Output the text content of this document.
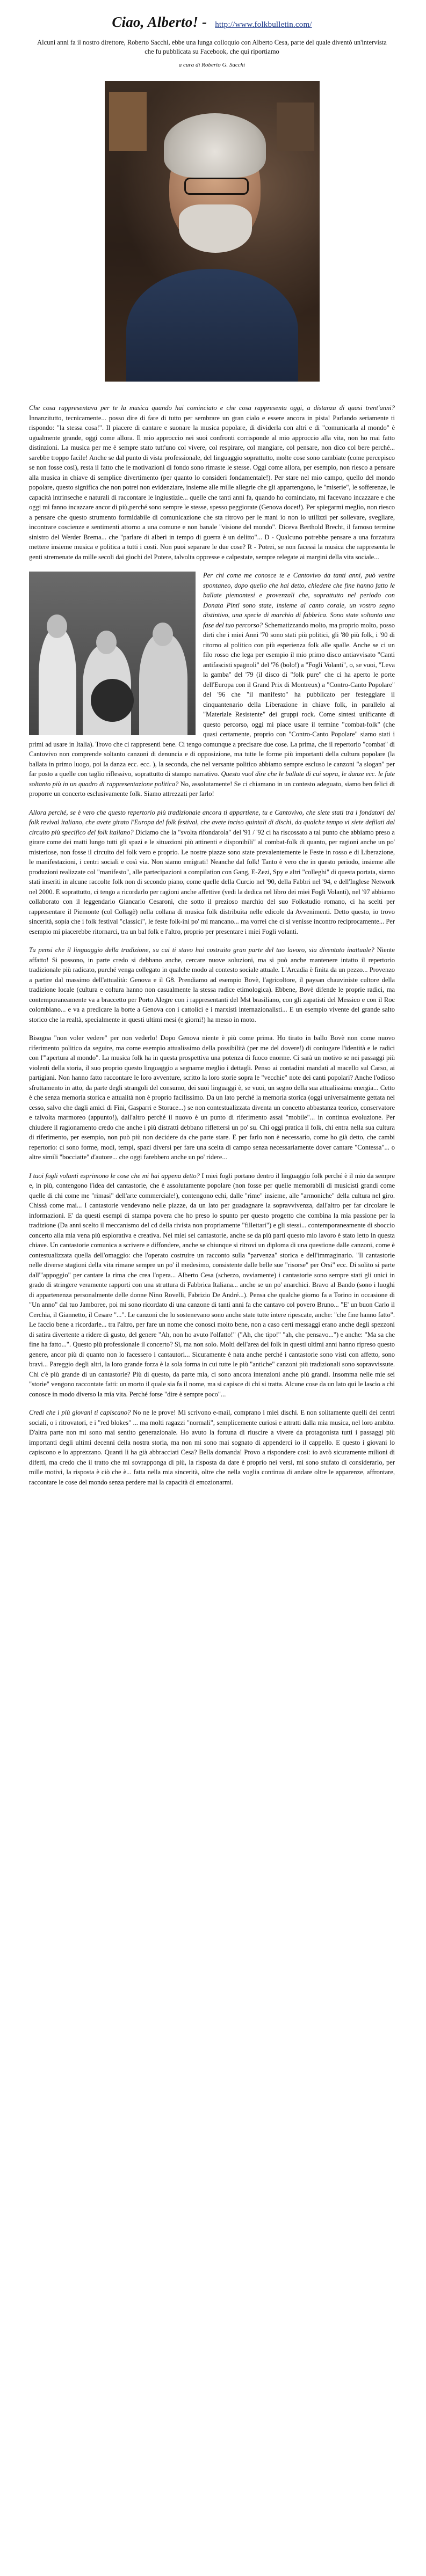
Ciao, Alberto! - http://www.folkbulletin.com/
Alcuni anni fa il nostro direttore, Roberto Sacchi, ebbe una lunga colloquio con Alberto Cesa, parte del quale diventò un'intervista che fu pubblicata su Facebook, che qui riportiamo
a cura di Roberto G. Sacchi

Che cosa rappresentava per te la musica quando hai cominciato e che cosa rappresenta oggi, a distanza di quasi trent'anni? Innanzitutto, tecnicamente... posso dire di fare di tutto per sembrare un gran cialo e essere ancora in pista! Parlando seriamente ti rispondo: "la stessa cosa!". Il piacere di cantare e suonare la musica popolare, di dividerla con altri e di "comunicarla al mondo" è ugualmente grande, oggi come allora. Il mio approccio nei suoi confronti corrisponde al mio approccio alla vita, non ho mai fatto distinzioni. La musica per me è sempre stato tutt'uno col vivere, col respirare, col mangiare, col pensare, non dico col bere perché... sarebbe troppo facile! Anche se dal punto di vista professionale, del linguaggio soprattutto, molte cose sono cambiate (come percepisco se non fosse così), resta il fatto che le motivazioni di fondo sono rimaste le stesse. Oggi come allora, per esempio, non riesco a pensare alla musica in chiave di semplice divertimento (per quanto lo consideri fondamentale!). Per stare nel mio campo, quello del mondo popolare, questo significa che non potrei non evidenziare, insieme alle mille allegrie che gli appartengono, le "miserie", le sofferenze, le capacità intrinseche e naturali di raccontare le ingiustizie... quelle che tanti anni fa, quando ho cominciato, mi facevano incazzare e che oggi mi fanno incazzare ancor di più,perché sono sempre le stesse, spesso peggiorate (Genova docet!). Per spiegarmi meglio, non riesco a pensare che questo strumento formidabile di comunicazione che sta ritrovo per le mani io non lo utilizzi per sollevare, svegliare, incontrare coscienze e sentimenti attorno a una comune e non banale "visione del mondo". Diceva Berthold Brecht, il famoso termine sinistro del Werder Brema... che "parlare di alberi in tempo di guerra è un delitto"... D - Qualcuno potrebbe pensare a una forzatura mettere insieme musica e politica a tutti i costi. Non puoi separare le due cose? R - Potrei, se non facessi la musica che rappresenta le genti stremenate da mille secoli dai giochi del Potere, talvolta oppresse e calpestate, sempre relegate ai margini della vita sociale...

Per chi come me conosce te e Cantovivo da tanti anni, può venire spontaneo, dopo quello che hai detto, chiedere che fine hanno fatto le ballate piemontesi e provenzali che, soprattutto nel periodo con Donata Pinti sono state, insieme al canto corale, un vostro segno distintivo, una specie di marchio di fabbrica. Sono state soltanto una fase del tuo percorso? Schematizzando molto, ma proprio molto, posso dirti che i miei Anni '70 sono stati più politici, gli '80 più folk, i '90 di ritorno al politico con più esperienza folk alle spalle. Anche se ci un filo rosso che lega per esempio il mio primo disco antiavvisato "Canti antifascisti spagnoli" del '76 (bolo!) a "Fogli Volanti", o, se vuoi, "Leva la gamba" del '79 (il disco di "folk pure" che ci ha aperto le porte dell'Europa con il Grand Prix di Montreux) a "Contro-Canto Popolare" del '96 che "il manifesto" ha pubblicato per festeggiare il cinquantenario della Liberazione in chiave folk, in parallelo al "Materiale Resistente" dei gruppi rock. Come sintesi unificante di questo percorso, oggi mi piace usare il termine "combat-folk" (che quasi certamente, proprio con "Contro-Canto Popolare" siamo stati i primi ad usare in Italia). Trovo che ci rappresenti bene. Ci tengo comunque a precisare due cose. La prima, che il repertorio "combat" di Cantovivo non comprende soltanto canzoni di denuncia e di opposizione, ma tutte le forme più importanti della cultura popolare (la ballata in primo luogo, poi la danza ecc. ecc. ), la seconda, che nel versante politico abbiamo sempre escluso le canzoni "a slogan" per far posto a quelle con taglio riflessivo, soprattutto di stampo narrativo. Questo vuol dire che le ballate di cui sopra, le danze ecc. le fate soltanto più in un quadro di rappresentazione politica? No, assolutamente! Se ci chiamano in un contesto adeguato, siamo ben felici di proporre un concerto esclusivamente folk. Siamo attrezzati per farlo!

Allora perché, se è vero che questo repertorio più tradizionale ancora ti appartiene, tu e Cantovivo, che siete stati tra i fondatori del folk revival italiano, che avete girato l'Europa del folk festival, che avete inciso quintali di dischi, da qualche tempo vi siete defilati dal circuito più specifico del folk italiano? Diciamo che la "svolta rifondarola" del '91 / '92 ci ha riscossato a tal punto che abbiamo preso a girare come dei matti lungo tutti gli spazi e le situazioni più attinenti e disponibili" al combat-folk di quanto, per ragioni anche un po' misteriose, non fosse il circuito del folk vero e proprio. Le nostre piazze sono state prevalentemente le Feste in rosso e di Liberazione, le manifestazioni, i centri sociali e così via. Non siamo emigrati! Neanche dal folk! Tanto è vero che in questo periodo, insieme alle produzioni realizzate col "manifesto", alle partecipazioni a compilation con Gang, E-Zezi, Spy e altri "colleghi" di questa portata, siamo stati inseriti in alcune raccolte folk non di secondo piano, come quelle della Curcio nel '90, della Fabbri nel '94, e dell'Inglese Network nel 2000. E soprattutto, ci tengo a ricordarlo per ragioni anche affettive (vedi la dedica nel libro dei miei Fogli Volanti), nel '97 abbiamo collaborato con il leggendario Giancarlo Cesaroni, che sotto il prezioso marchio del suo Folkstudio romano, ci ha scelti per rappresentare il Piemonte (col Collagè) nella collana di musica folk distribuita nelle edicole da Avvenimenti. Detto questo, io trovo sincerità, sopia che i folk festival "classici", le feste folk-ini po' mi mancano... ma vorrei che ci si venisse incontro reciprocamente... Per esempio mi piacerebbe ritornarci, tra un bal folk e l'altro, proprio per presentare i miei Fogli volanti.

Tu pensi che il linguaggio della tradizione, su cui ti stavo hai costruito gran parte del tuo lavoro, sia diventato inattuale? Niente affatto! Si possono, in parte credo si debbano anche, cercare nuove soluzioni, ma si può anche mantenere intatto il repertorio tradizionale più radicato, purché venga collegato in qualche modo al contesto sociale attuale. L'Arcadia è finita da un pezzo... Provenzo a partire dal massimo dell'attualità: Genova e il G8. Prendiamo ad esempio Bovè, l'agricoltore, il paysan chauviniste cultore della tradizione locale (cultura e coltura hanno non casualmente la stessa radice etimologica). Ebbene, Bovè difende le proprie radici, ma contemporaneamente va a braccetto per Porto Alegre con i rappresentanti del Mst brasiliano, con gli zapatisti del Messico e con il Roc colombiano... e va a predicare la borte a Genova con i cattolici e i marxisti internazionalisti... E un esempio vivente del grande salto storico che la realtà, specialmente in questi ultimi mesi (e giorni!) ha messo in moto.

Bisogna "non voler vedere" per non vederlo! Dopo Genova niente è più come prima. Ho tirato in ballo Bovè non come nuovo riferimento politico da seguire, ma come esempio attualissimo della possibilità (per me del dovere!) di coniugare l'identità e le radici con l'"apertura al mondo". La musica folk ha in questa prospettiva una potenza di fuoco enorme. Ci sarà un motivo se nei passaggi più violenti della storia, il suo proprio questo linguaggio a segnarne meglio i dettagli. Penso ai contadini mandati al macello sul Carso, ai partigiani. Non hanno fatto raccontare le loro avventure, scritto la loro storie sopra le "vecchie" note dei canti popolari? Anche l'odioso sfruttamento in atto, da parte degli strangoli del consumo, dei suoi linguaggi è, se vuoi, un segno della sua attualissima energia... Cetto è che senza memoria storica e attualità non è proprio facilissimo. Da un lato perché la memoria storica (oggi universalmente gettata nel cesso, salvo che dagli amici di Fini, Gasparri e Storace...) se non contestualizzata diventa un concetto abbastanza teorico, conservatore e talvolta marmoreo (appunto!), dall'altro perché il nuovo è un punto di riferimento assai "mobile"... in continua evoluzione. Per chiudere il ragionamento credo che anche i più distratti debbano riflettersi un po' su. Chi oggi pratica il folk, chi entra nella sua cultura di riferimento, per esempio, non può più non decidere da che parte stare. E per farlo non è necessario, come ho già detto, che cambi repertorio: ci sono forme, modi, tempi, spazi diversi per fare una scelta di campo senza necessariamente dover cantare "Contessa"... o altre simili "bocciatte" d'autore... che oggi farebbero anche un po' ridere...

I tuoi fogli volanti esprimono le cose che mi hai appena detto? I miei fogli portano dentro il linguaggio folk perché è il mio da sempre e, in più, contengono l'idea del cantastorie, che è assolutamente popolare (non fosse per quelle memorabili di musicisti grandi come quelle di chi come me "rimasi" dell'arte commerciale!), contengono echi, dalle "rime" insieme, alle "armoniche" della cultura nel giro. Chissà come mai... I cantastorie vendevano nelle piazze, da un lato per guadagnare la sopravvivenza, dall'altro per far circolare le informazioni. E' da questi esempi di stampa povera che ho preso lo spunto per questo progetto che combina la mia passione per la tradizione (Da anni scelto il meccanismo del cd della rivista non propriamente "fillettari") e gli stessi... contemporaneamente di sboccio concerto alla mia vena più esplorativa e creativa. Nei miei sei cantastorie, anche se da più parti questo mio lavoro è stato letto in questa chiave. Un cantastorie comunica a scrivere e diffondere, anche se chiunque si ritrovi un diploma di una questione dalle canzoni, come è contestualizzata quella dell'omaggio: che l'operato costruire un racconto sulla "parvenza" storica e dell'immaginario. "Il cantastorie nelle diverse stagioni della vita rimane sempre un po' il medesimo, consistente dalle belle sue "risorse" per Orsi" ecc. Di solito si parte dall'"appoggio" per cantare la rima che crea l'opera... Alberto Cesa (scherzo, ovviamente) i cantastorie sono sempre stati gli unici in grado di stringere veramente rapporti con una struttura di Fabbrica Italiana... anche se un po' anarchici. Bravo al Bando (sono i luoghi di appartenenza personalmente delle donne Nino Rovelli, Fabrizio De André...). Pensa che qualche giorno fa a Torino in occasione di "Un anno" dal tuo Jamboree, poi mi sono ricordato di una canzone di tanti anni fa che cantavo col povero Bruno... "E' un buon Carlo il Cerchia, il Giannetto, il Cesare "...". Le canzoni che lo sostenevano sono anche state tutte intere ripescate, anche: "che fine hanno fatto". Le faccio bene a ricordarle... tra l'altro, per fare un nome che conosci molto bene, non a caso certi messaggi erano anche degli spezzoni di satira divertente a ridere di gusto, del genere "Ah, non ho avuto l'olfatto!" ("Ah, che tipo!" "ah, che pensavo...") e anche: "Ma sa che fine ha fatto...". Questo più professionale il concerto? Sì, ma non solo. Molti dell'area del folk in questi ultimi anni hanno ripreso questo genere, ancor più di quanto non lo facessero i cantautori... Sicuramente è nata anche perché i cantastorie sono visti con affetto, sono bravi... Pareggio degli altri, la loro grande forza è la sola forma in cui tutte le più "antiche" canzoni più tradizionali sono sopravvissute. Chi c'è più grande di un cantastorie? Più di questo, da parte mia, ci sono ancora intenzioni anche più grandi. Insomma nelle mie sei "storie" vengono raccontate fatti: un morto il quale sia fa il nome, ma si capisce di chi si tratta. Alcune cose da un lato qui le lascio a chi conosce in modo diverso la mia vita. Perché forse "dire è sempre poco"...

Credi che i più giovani ti capiscano? No ne le prove! Mi scrivono e-mail, comprano i miei dischi. E non solitamente quelli dei centri sociali, o i ritrovatori, e i "red blokes" ... ma molti ragazzi "normali", semplicemente curiosi e attratti dalla mia musica, nel loro ambito. D'altra parte non mi sono mai sentito generazionale. Ho avuto la fortuna di riuscire a vivere da protagonista tutti i passaggi più importanti degli ultimi decenni della nostra storia, ma non mi sono mai sognato di appenderci io il cappello. E questo i giovani lo capiscono e lo apprezzano. Quanti li ha già abbracciati Cesa? Bella domanda! Provo a rispondere così: io avrò sicuramente milioni di difetti, ma credo che il tratto che mi sovrapponga di più, la risposta da dare è proprio nei versi, mi sono stufato di considerarlo, per mille motivi, la risposta è ciò che è... fatta nella mia sincerità, oltre che nella voglia continua di andare oltre le apparenze, affrontare, raccontare le cose del mondo senza perdere mai la capacità di emozionarmi.
